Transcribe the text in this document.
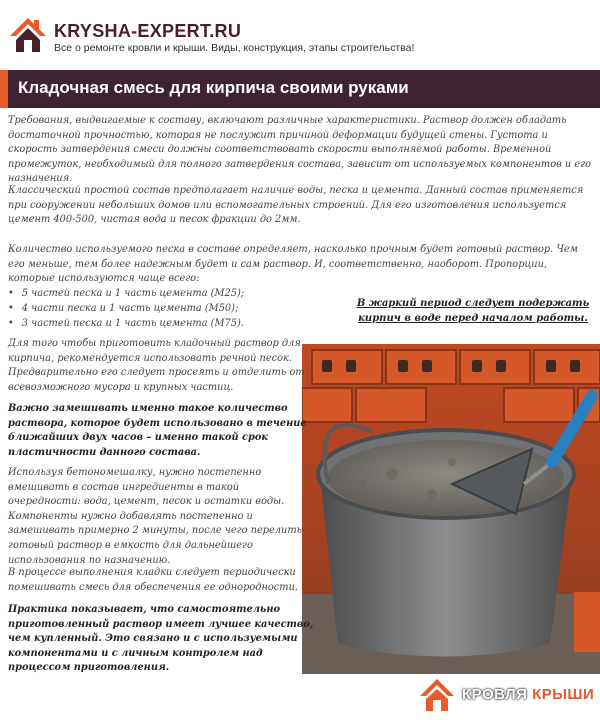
KRYSHA-EXPERT.RU
Все о ремонте кровли и крыши. Виды, конструкция, этапы строительства!
Кладочная смесь для кирпича своими руками

Требования, выдвигаемые к составу, включают различные характеристики. Раствор должен обладать достаточной прочностью, которая не послужит причиной деформации будущей стены. Густота и скорость затвердения смеси должны соответствовать скорости выполняемой работы. Временной промежуток, необходимый для полного затвердения состава, зависит от используемых компонентов и его назначения.

Классический простой состав предполагает наличие воды, песка и цемента. Данный состав применяется при сооружении небольших домов или вспомогательных строений. Для его изготовления используется цемент 400-500, чистая вода и песок фракции до 2мм.

Количество используемого песка в составе определяет, насколько прочным будет готовый раствор. Чем его меньше, тем более надежным будет и сам раствор. И, соответственно, наоборот. Пропорции, которые используются чаще всего:

• 5 частей песка и 1 часть цемента (М25);
• 4 части песка и 1 часть цемента (М50);
• 3 частей песка и 1 часть цемента (М75).
В жаркий период следует подержать кирпич в воде перед началом работы.

Для того чтобы приготовить кладочный раствор для кирпича, рекомендуется использовать речной песок. Предварительно его следует просеять и отделить от всевозможного мусора и крупных частиц.

Важно замешивать именно такое количество раствора, которое будет использовано в течение ближайших двух часов – именно такой срок пластичности данного состава.

Используя бетономешалку, нужно постепенно вмешивать в состав ингредиенты в такой очередности: вода, цемент, песок и остатки воды. Компоненты нужно добавлять постепенно и замешивать примерно 2 минуты, после чего перелить готовый раствор в емкость для дальнейшего использования по назначению.

В процессе выполнения кладки следует периодически помешивать смесь для обеспечения ее однородности.

Практика показывает, что самостоятельно приготовленный раствор имеет лучшее качество, чем купленный. Это связано и с используемыми компонентами и с личным контролем над процессом приготовления.

КРОВЛЯ КРЫШИ
